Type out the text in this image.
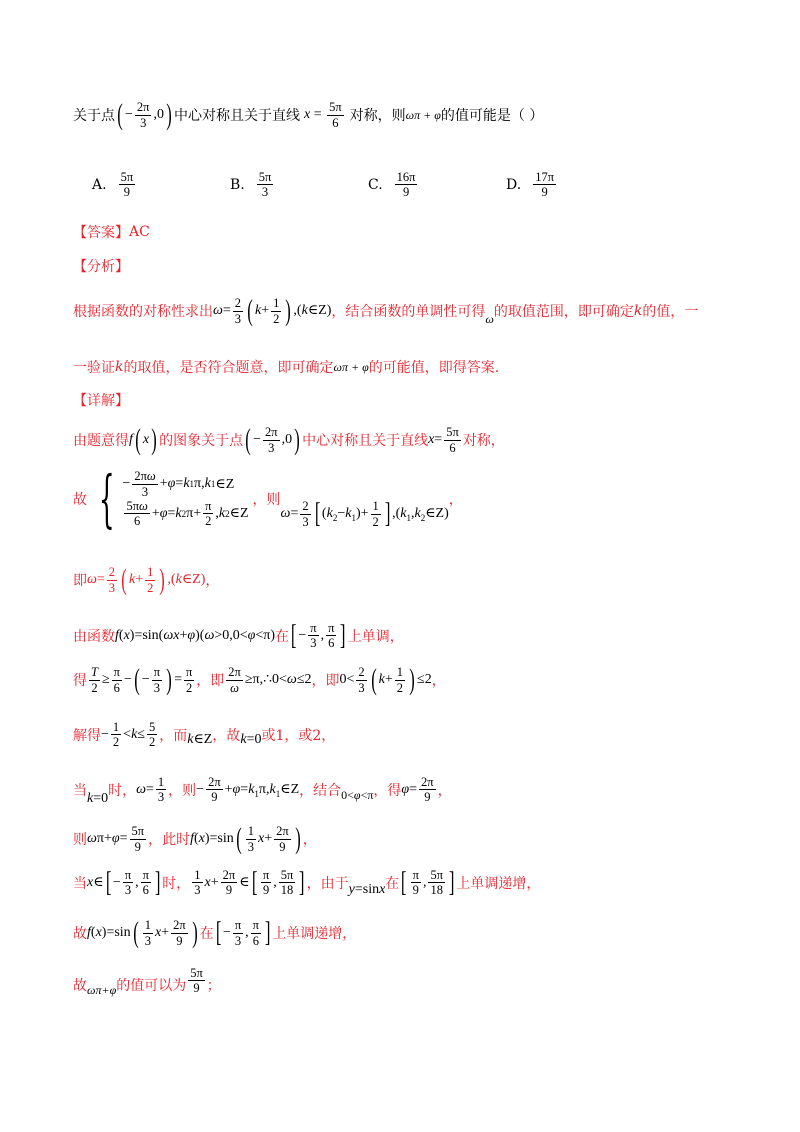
关于点 ( − $\frac{2\pi}{3} ,0$) 中心对称且关于直线 $x = \frac{5\pi}{6}$ 对称，则 ωπ + φ 的值可能是（ ）
A. $\frac{5\pi}{9}$	B. $\frac{5\pi}{3}$	C. $\frac{16\pi}{9}$	D. $\frac{17\pi}{9}$
【答案】 AC
【分析】
根据函数的对称性求出 $\omega= \frac{2}{3}$ ( $k+ \frac{1}{2}$ ) ,(k∈Z) ，结合函数的单调性可得 ω 的取值范围，即可确定 k 的值，一
一验证 k 的取值，是否符合题意，即可确定 ωπ + φ 的可能值，即得答案.
【详解】
由题意得 f( x) 的图象关于点 ( − $\frac{2\pi}{3} ,0$) 中心对称且关于直线 $x= \frac{5\pi}{6}$ 对称，
故 { − $\frac{2\pi\omega}{3} + \varphi = k$ 1 π, k 1 ∈Z
$\frac{5\pi\omega}{6} + \varphi = k$ 2 $\pi+ \frac{\pi}{2}$ , k 2 ∈Z
，则
$\omega= \frac{2}{3}$ [ $(k_2-k_1)+ \frac{1}{2}$ ] $,(k_1,k_2\in Z)$
，
即 $\omega= \frac{2}{3}$ ( $k+ \frac{1}{2}$ ) ,(k∈Z) ，
由函数 f(x)=sin(ωx+φ)(ω>0,0<φ<π) 在 [ − $\frac{\pi}{3}$ , $\frac{\pi}{6}$ ] 上单调，
得 $\frac{T}{2} \ge \frac{\pi}{6}$ −( − $\frac{\pi}{3}$ ) = $\frac{\pi}{2}$ ，即 $\frac{2\pi}{\omega}$ ≥π,∴0<ω≤2 ，即 $0< \frac{2}{3}$ ( $k+ \frac{1}{2}$ ) ≤2 ，
解得 − $\frac{1}{2} <k\le \frac{5}{2}$ ，而 k∈Z ，故 k=0 或1，或2，
当 k=0 时， $\omega= \frac{1}{3}$ ，则 − $\frac{2\pi}{9}$ $+\varphi=k_1\pi,k_1\in Z$ ，结合 0<φ<π ，得 $\varphi= \frac{2\pi}{9}$ ，
则 $\omega\pi+\varphi= \frac{5\pi}{9}$ ，此时 $f(x)=\sin( \frac{1}{3} x+ \frac{2\pi}{9}$ ) ，
当 x∈[ − $\frac{\pi}{3}$ , $\frac{\pi}{6}$ ] 时， $\frac{1}{3} x+ \frac{2\pi}{9}$ ∈[ $\frac{\pi}{9}$ , $\frac{5\pi}{18}$ ] ，由于 y=sinx 在 [ $\frac{\pi}{9}$ , $\frac{5\pi}{18}$ ] 上单调递增，
故 $f(x)=\sin( \frac{1}{3} x+ \frac{2\pi}{9}$ ) 在 [ − $\frac{\pi}{3}$ , $\frac{\pi}{6}$ ] 上单调递增，
故 ωπ+φ 的值可以为 $\frac{5\pi}{9}$ ；
